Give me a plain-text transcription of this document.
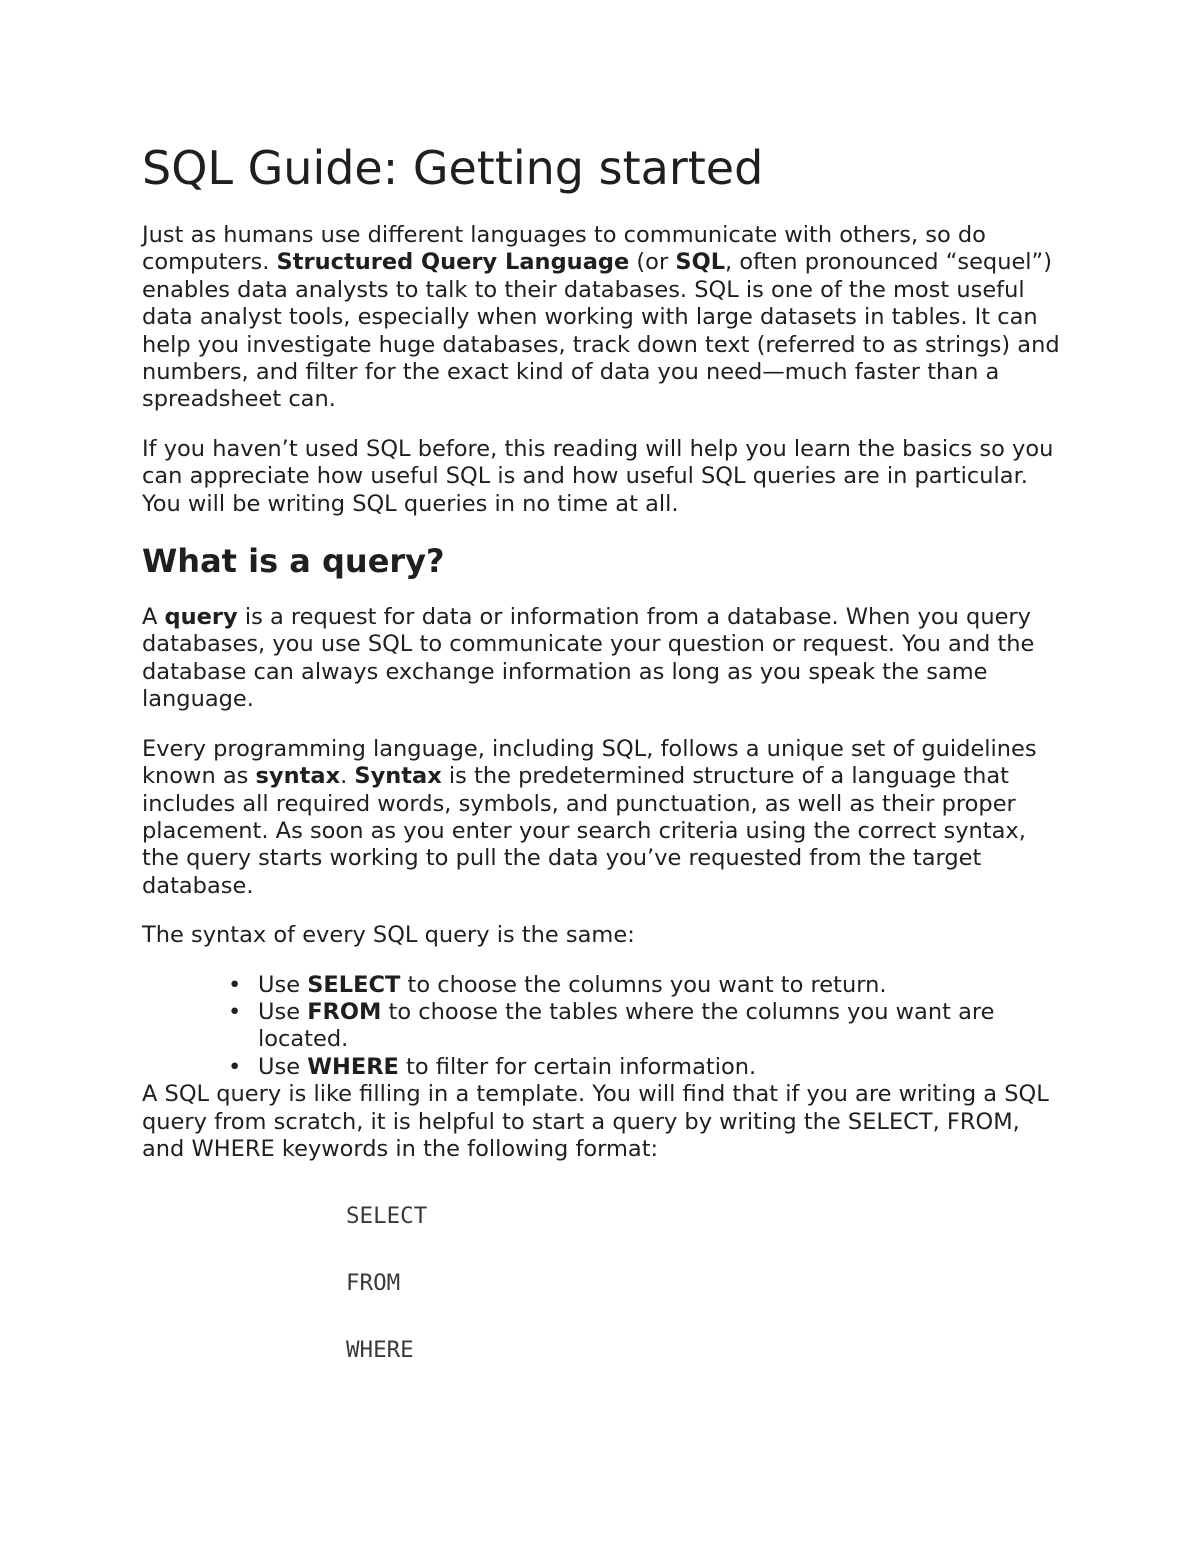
SQL Guide: Getting started

Just as humans use different languages to communicate with others, so do computers. Structured Query Language (or SQL, often pronounced “sequel”) enables data analysts to talk to their databases. SQL is one of the most useful data analyst tools, especially when working with large datasets in tables. It can help you investigate huge databases, track down text (referred to as strings) and numbers, and filter for the exact kind of data you need—much faster than a spreadsheet can.

If you haven’t used SQL before, this reading will help you learn the basics so you can appreciate how useful SQL is and how useful SQL queries are in particular. You will be writing SQL queries in no time at all.

What is a query?

A query is a request for data or information from a database. When you query databases, you use SQL to communicate your question or request. You and the database can always exchange information as long as you speak the same language.

Every programming language, including SQL, follows a unique set of guidelines known as syntax. Syntax is the predetermined structure of a language that includes all required words, symbols, and punctuation, as well as their proper placement. As soon as you enter your search criteria using the correct syntax, the query starts working to pull the data you’ve requested from the target database.

The syntax of every SQL query is the same:

• Use SELECT to choose the columns you want to return.
• Use FROM to choose the tables where the columns you want are located.
• Use WHERE to filter for certain information.

A SQL query is like filling in a template. You will find that if you are writing a SQL query from scratch, it is helpful to start a query by writing the SELECT, FROM, and WHERE keywords in the following format:

SELECT
FROM
WHERE
